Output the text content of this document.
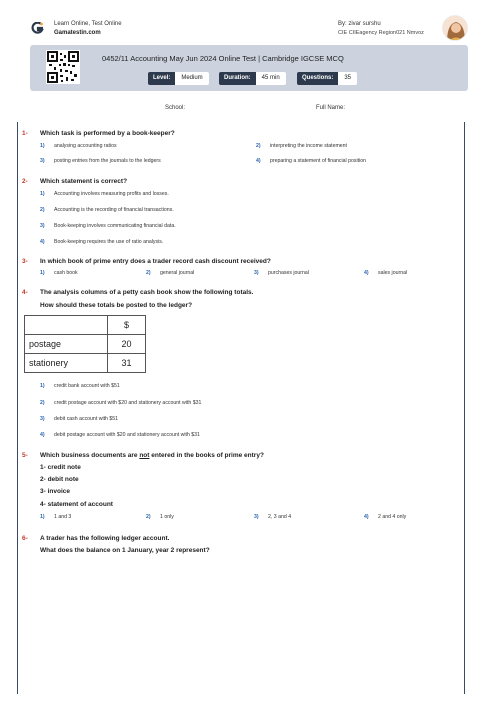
Learn Online, Test Online
Gamatestin.com
By: zivar surshu
CIE CIIEagency Region021 Nmvoz
0452/11 Accounting May Jun 2024 Online Test | Cambridge IGCSE MCQ
Level:	Medium	Duration:	45 min	Questions:	35
School:	Full Name:
1- Which task is performed by a book-keeper?
1) analysing accounting ratios	2) interpreting the income statement
3) posting entries from the journals to the ledgers	4) preparing a statement of financial position
2- Which statement is correct?
1) Accounting involves measuring profits and losses.
2) Accounting is the recording of financial transactions.
3) Book-keeping involves communicating financial data.
4) Book-keeping requires the use of ratio analysis.
3- In which book of prime entry does a trader record cash discount received?
1) cash book	2) general journal	3) purchases journal	4) sales journal
4- The analysis columns of a petty cash book show the following totals.
How should these totals be posted to the ledger?
	$
postage	20
stationery	31
1) credit bank account with $51
2) credit postage account with $20 and stationery account with $31
3) debit cash account with $51
4) debit postage account with $20 and stationery account with $31
5- Which business documents are not entered in the books of prime entry?
1- credit note
2- debit note
3- invoice
4- statement of account
1) 1 and 3	2) 1 only	3) 2, 3 and 4	4) 2 and 4 only
6- A trader has the following ledger account.
What does the balance on 1 January, year 2 represent?
